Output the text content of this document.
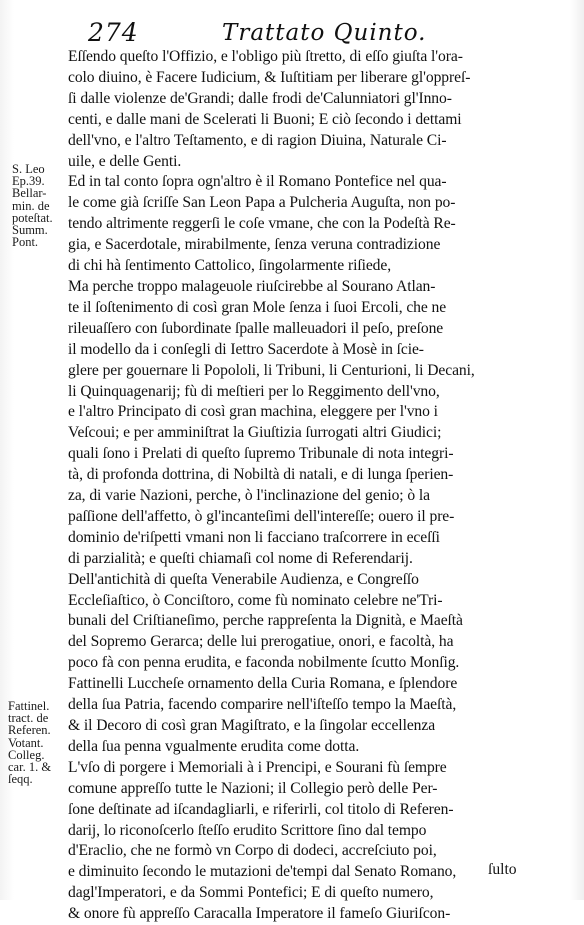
274	Trattato Quinto.
S. Leo
Ep.39.
Bellar-
min. de
poteſtat.
Summ.
Pont.
Fattinel.
tract. de
Referen.
Votant.
Colleg.
car. 1. &
ſeqq.

Eſſendo queſto l'Offizio, e l'obligo più ſtretto, di eſſo giuſta l'ora-
colo diuino, è Facere Iudicium, & Iuſtitiam per liberare gl'oppreſ-
ſi dalle violenze de'Grandi; dalle frodi de'Calunniatori gl'Inno-
centi, e dalle mani de Scelerati li Buoni; E ciò ſecondo i dettami
dell'vno, e l'altro Teſtamento, e di ragion Diuina, Naturale Ci-
uile, e delle Genti.

Ed in tal conto ſopra ogn'altro è il Romano Pontefice nel qua-
le come già ſcriſſe San Leon Papa a Pulcheria Auguſta, non po-
tendo altrimente reggerſi le coſe vmane, che con la Podeſtà Re-
gia, e Sacerdotale, mirabilmente, ſenza veruna contradizione
di chi hà ſentimento Cattolico, ſingolarmente riſiede,

Ma perche troppo malageuole riuſcirebbe al Sourano Atlan-
te il ſoſtenimento di così gran Mole ſenza i ſuoi Ercoli, che ne
rileuaſſero con ſubordinate ſpalle malleuadori il peſo, preſone
il modello da i conſegli di Iettro Sacerdote à Mosè in ſcie-
glere per gouernare li Popololi, li Tribuni, li Centurioni, li Decani,
li Quinquagenarij; fù di meſtieri per lo Reggimento dell'vno,
e l'altro Principato di così gran machina, eleggere per l'vno i
Veſcoui; e per amminiſtrat la Giuſtizia ſurrogati altri Giudici;
quali ſono i Prelati di queſto ſupremo Tribunale di nota integri-
tà, di profonda dottrina, di Nobiltà di natali, e di lunga ſperien-
za, di varie Nazioni, perche, ò l'inclinazione del genio; ò la
paſſione dell'affetto, ò gl'incanteſimi dell'intereſſe; ouero il pre-
dominio de'riſpetti vmani non li facciano traſcorrere in eceſſi
di parzialità; e queſti chiamaſi col nome di Referendarij.

Dell'antichità di queſta Venerabile Audienza, e Congreſſo
Eccleſiaſtico, ò Conciſtoro, come fù nominato celebre ne'Tri-
bunali del Criſtianeſimo, perche rappreſenta la Dignità, e Maeſtà
del Sopremo Gerarca; delle lui prerogatiue, onori, e facoltà, ha
poco fà con penna erudita, e faconda nobilmente ſcutto Monſig.
Fattinelli Luccheſe ornamento della Curia Romana, e ſplendore
della ſua Patria, facendo comparire nell'iſteſſo tempo la Maeſtà,
& il Decoro di così gran Magiſtrato, e la ſingolar eccellenza
della ſua penna vgualmente erudita come dotta.

L'vſo di porgere i Memoriali à i Prencipi, e Sourani fù ſempre
comune appreſſo tutte le Nazioni; il Collegio però delle Per-
ſone deſtinate ad iſcandagliarli, e riferirli, col titolo di Referen-
darij, lo riconoſcerlo ſteſſo erudito Scrittore ſino dal tempo
d'Eraclio, che ne formò vn Corpo di dodeci, accreſciuto poi,
e diminuito ſecondo le mutazioni de'tempi dal Senato Romano,
dagl'Imperatori, e da Sommi Pontefici; E di queſto numero,
& onore fù appreſſo Caracalla Imperatore il fameſo Giuriſcon-

ſulto
